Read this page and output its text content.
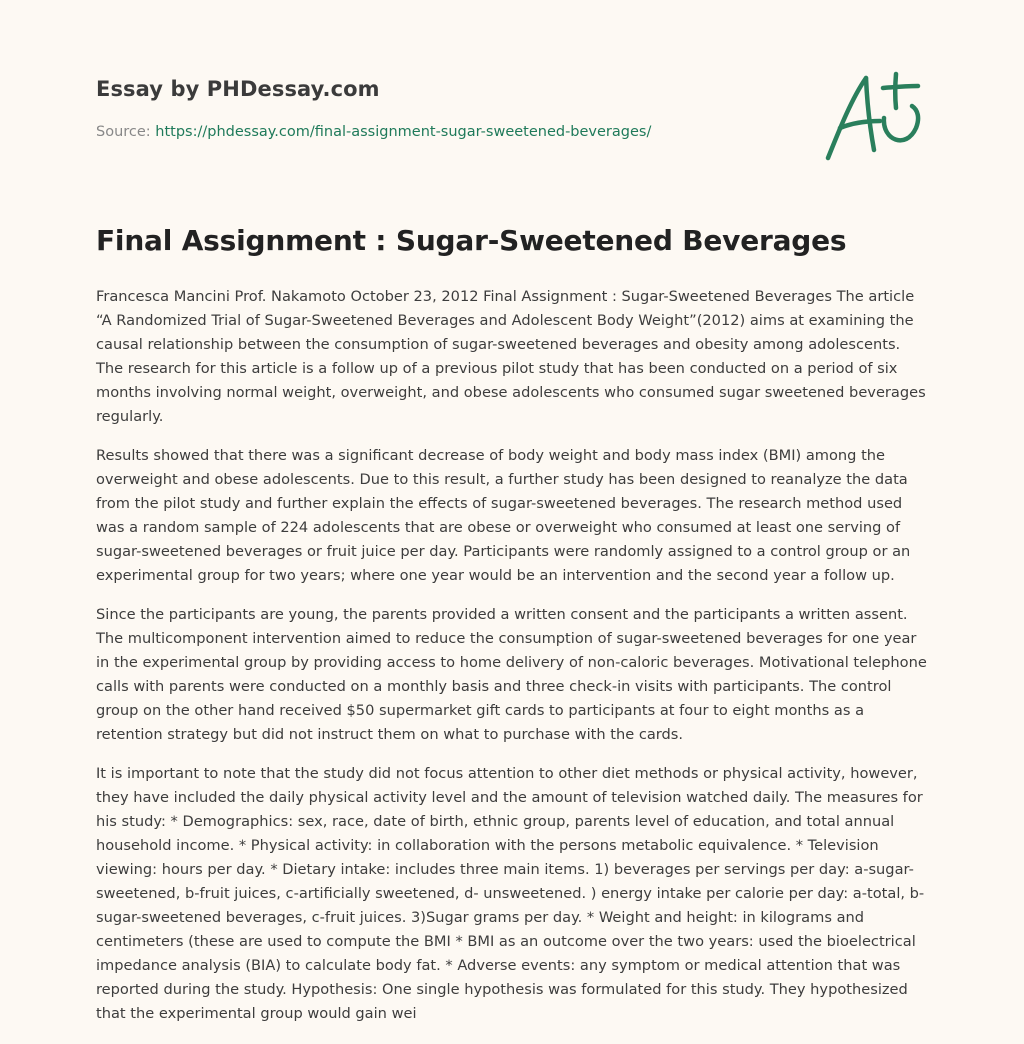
Essay by PHDessay.com

Source: https://phdessay.com/final-assignment-sugar-sweetened-beverages/

Final Assignment : Sugar-Sweetened Beverages

Francesca Mancini Prof. Nakamoto October 23, 2012 Final Assignment : Sugar-Sweetened Beverages The article “A Randomized Trial of Sugar-Sweetened Beverages and Adolescent Body Weight”(2012) aims at examining the causal relationship between the consumption of sugar-sweetened beverages and obesity among adolescents. The research for this article is a follow up of a previous pilot study that has been conducted on a period of six months involving normal weight, overweight, and obese adolescents who consumed sugar sweetened beverages regularly.

Results showed that there was a significant decrease of body weight and body mass index (BMI) among the overweight and obese adolescents. Due to this result, a further study has been designed to reanalyze the data from the pilot study and further explain the effects of sugar-sweetened beverages. The research method used was a random sample of 224 adolescents that are obese or overweight who consumed at least one serving of sugar-sweetened beverages or fruit juice per day. Participants were randomly assigned to a control group or an experimental group for two years; where one year would be an intervention and the second year a follow up.

Since the participants are young, the parents provided a written consent and the participants a written assent. The multicomponent intervention aimed to reduce the consumption of sugar-sweetened beverages for one year in the experimental group by providing access to home delivery of non-caloric beverages. Motivational telephone calls with parents were conducted on a monthly basis and three check-in visits with participants. The control group on the other hand received $50 supermarket gift cards to participants at four to eight months as a retention strategy but did not instruct them on what to purchase with the cards.

It is important to note that the study did not focus attention to other diet methods or physical activity, however, they have included the daily physical activity level and the amount of television watched daily. The measures for his study: * Demographics: sex, race, date of birth, ethnic group, parents level of education, and total annual household income. * Physical activity: in collaboration with the persons metabolic equivalence. * Television viewing: hours per day. * Dietary intake: includes three main items. 1) beverages per servings per day: a-sugar-sweetened, b-fruit juices, c-artificially sweetened, d- unsweetened. ) energy intake per calorie per day: a-total, b-sugar-sweetened beverages, c-fruit juices. 3)Sugar grams per day. * Weight and height: in kilograms and centimeters (these are used to compute the BMI * BMI as an outcome over the two years: used the bioelectrical impedance analysis (BIA) to calculate body fat. * Adverse events: any symptom or medical attention that was reported during the study. Hypothesis: One single hypothesis was formulated for this study. They hypothesized that the experimental group would gain wei
